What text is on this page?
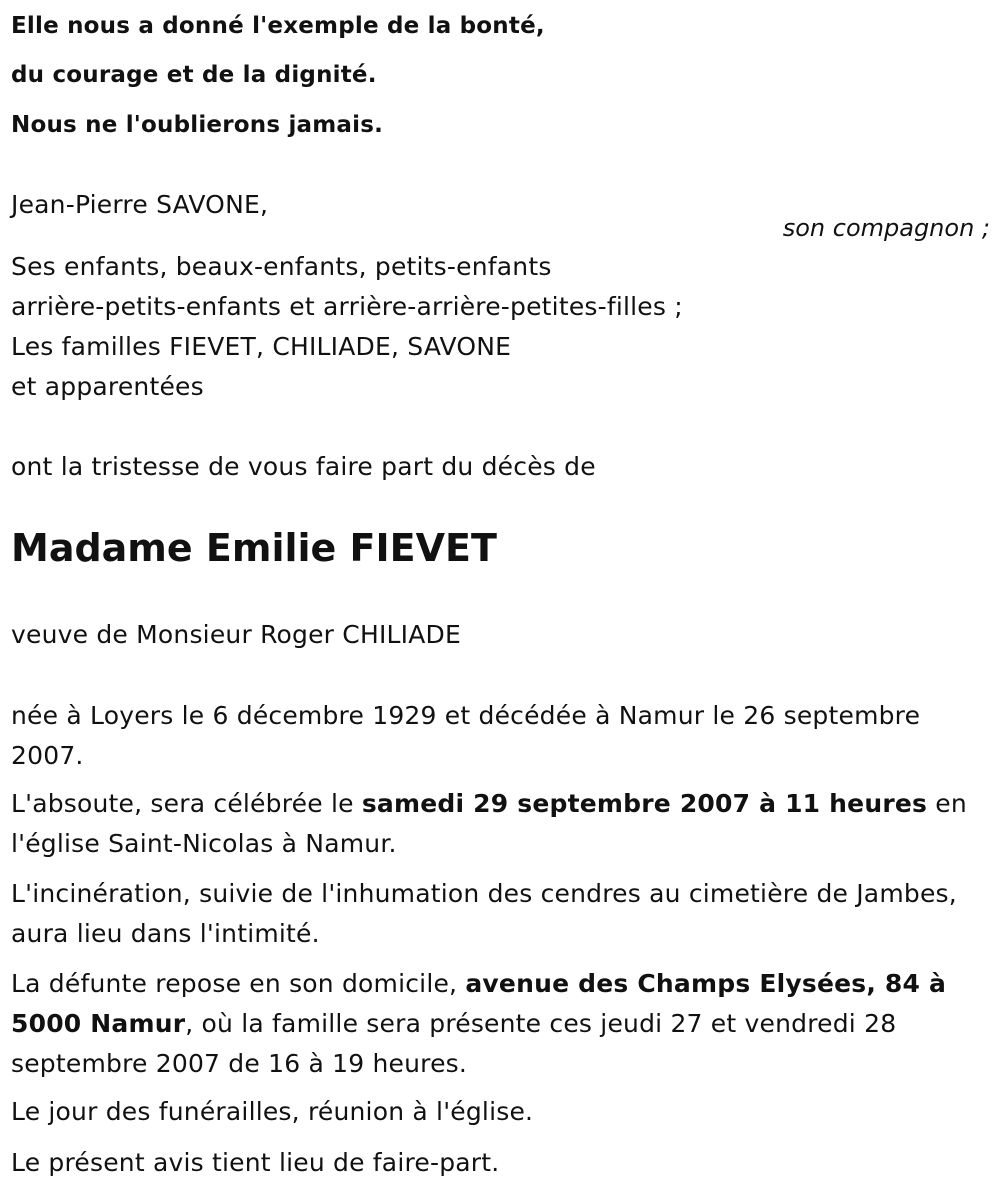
Elle nous a donné l'exemple de la bonté,
du courage et de la dignité.
Nous ne l'oublierons jamais.
Jean-Pierre SAVONE,
son compagnon ;
Ses enfants, beaux-enfants, petits-enfants
arrière-petits-enfants et arrière-arrière-petites-filles ;
Les familles FIEVET, CHILIADE, SAVONE
et apparentées
ont la tristesse de vous faire part du décès de
Madame Emilie FIEVET
veuve de Monsieur Roger CHILIADE
née à Loyers le 6 décembre 1929 et décédée à Namur le 26 septembre 2007.
L'absoute, sera célébrée le samedi 29 septembre 2007 à 11 heures en l'église Saint-Nicolas à Namur.
L'incinération, suivie de l'inhumation des cendres au cimetière de Jambes, aura lieu dans l'intimité.
La défunte repose en son domicile, avenue des Champs Elysées, 84 à 5000 Namur, où la famille sera présente ces jeudi 27 et vendredi 28 septembre 2007 de 16 à 19 heures.
Le jour des funérailles, réunion à l'église.
Le présent avis tient lieu de faire-part.
